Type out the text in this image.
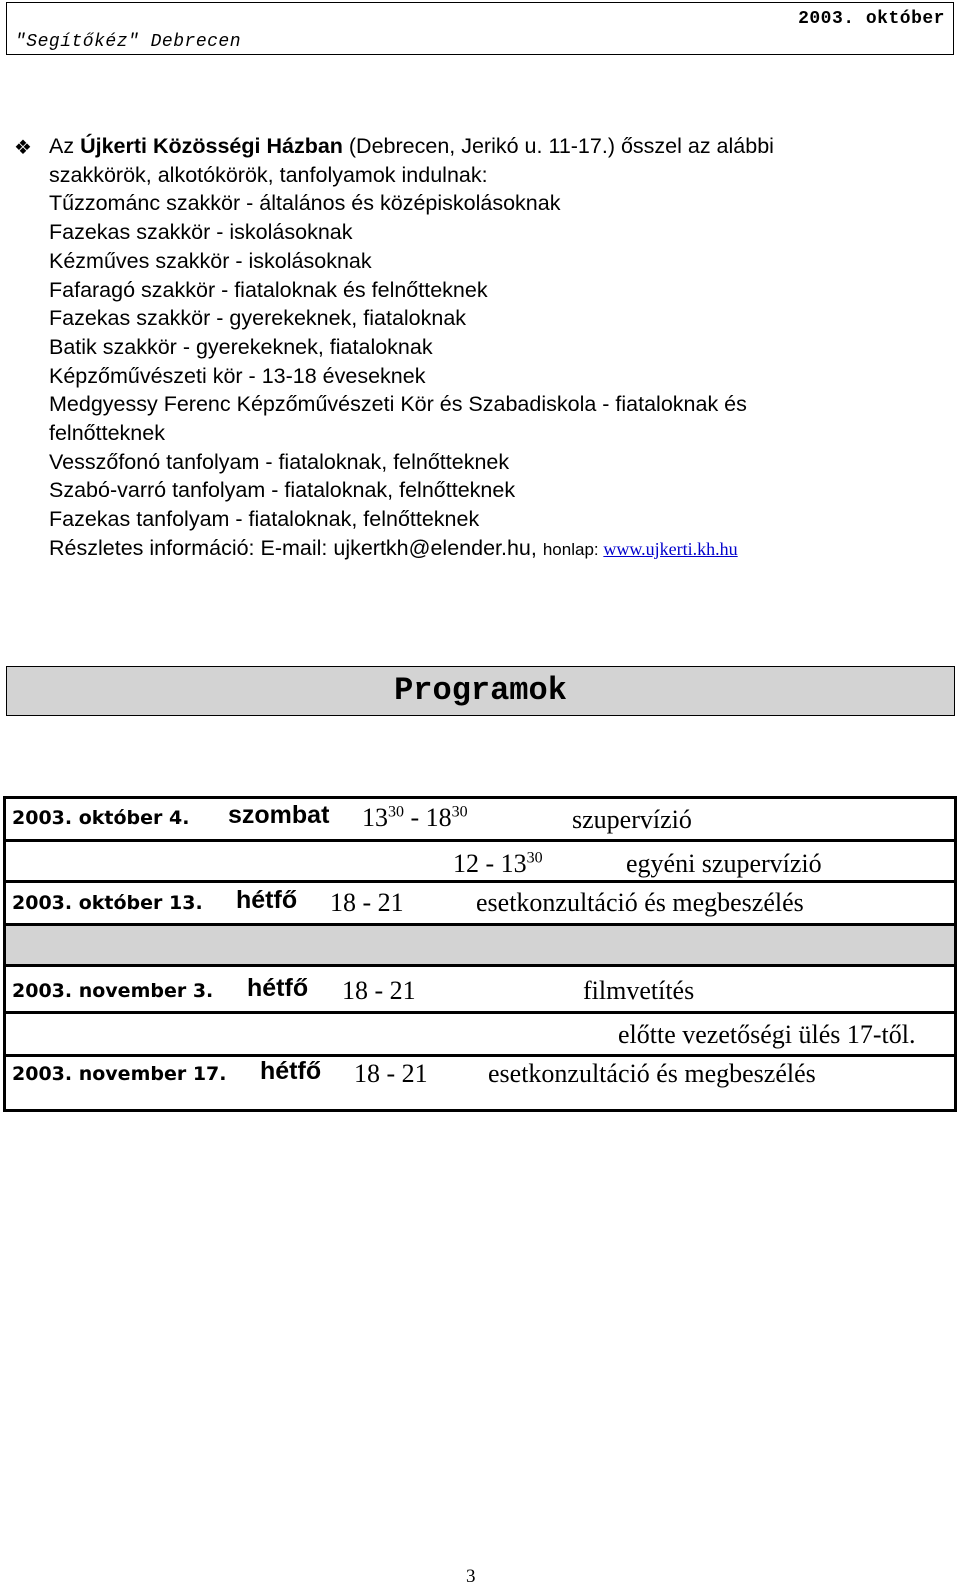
2003. október
"Segítőkéz" Debrecen
❖ Az Újkerti Közösségi Házban (Debrecen, Jerikó u. 11-17.) ősszel az alábbi
szakkörök, alkotókörök, tanfolyamok indulnak:
Tűzzománc szakkör - általános és középiskolásoknak
Fazekas szakkör - iskolásoknak
Kézműves szakkör - iskolásoknak
Fafaragó szakkör - fiataloknak és felnőtteknek
Fazekas szakkör - gyerekeknek, fiataloknak
Batik szakkör - gyerekeknek, fiataloknak
Képzőművészeti kör - 13-18 éveseknek
Medgyessy Ferenc Képzőművészeti Kör és Szabadiskola - fiataloknak és
felnőtteknek
Vesszőfonó tanfolyam - fiataloknak, felnőtteknek
Szabó-varró tanfolyam - fiataloknak, felnőtteknek
Fazekas tanfolyam - fiataloknak, felnőtteknek
Részletes információ: E-mail: ujkertkh@elender.hu, honlap: www.ujkerti.kh.hu
Programok
2003. október 4. szombat $13^{30} - 18^{30}$	szupervízió
$12 - 13^{30}$	egyéni szupervízió
2003. október 13. hétfő 18 - 21	esetkonzultáció és megbeszélés
2003. november 3. hétfő 18 - 21	filmvetítés
előtte vezetőségi ülés 17-től.
2003. november 17. hétfő 18 - 21 esetkonzultáció és megbeszélés
3
